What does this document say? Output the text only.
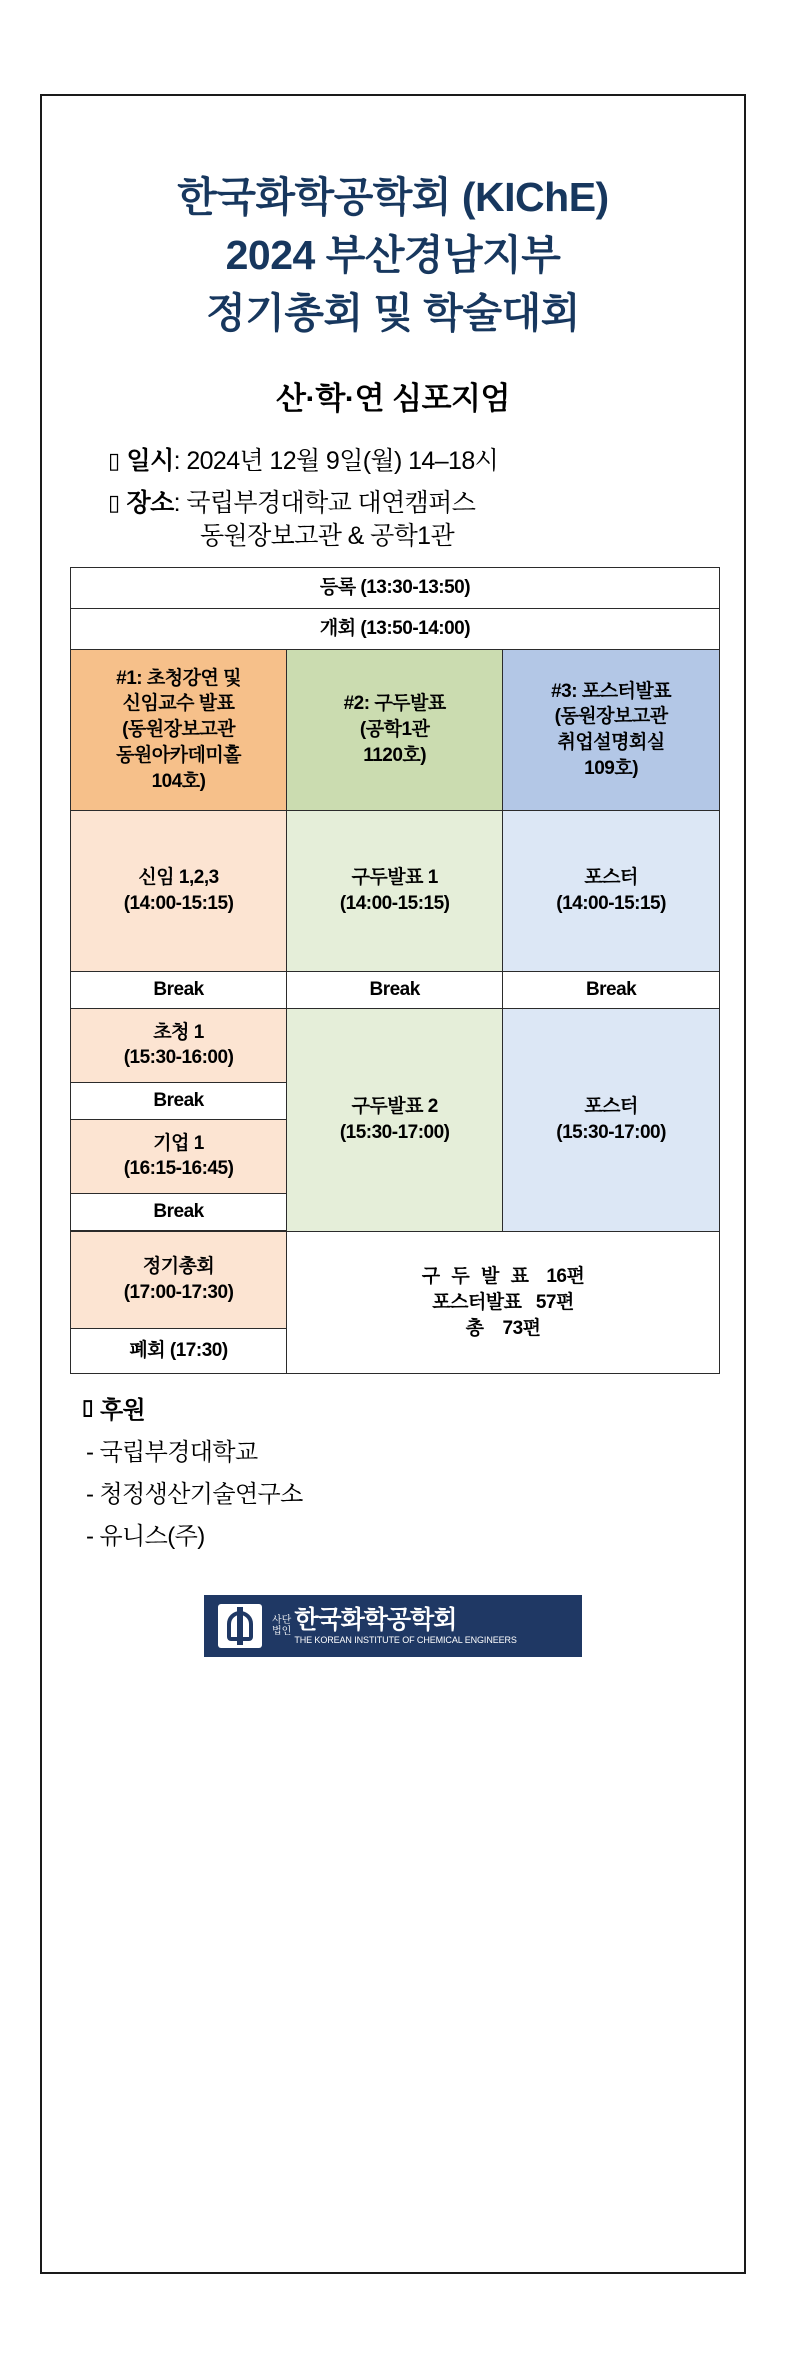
한국화학공학회 (KIChE)
2024 부산경남지부
정기총회 및 학술대회
산·학·연 심포지엄
▯ 일시 : 2024년 12월 9일(월) 14–18시
▯ 장소 : 국립부경대학교 대연캠퍼스
동원장보고관 & 공학1관
등록 (13:30-13:50)		
개회 (13:50-14:00)		
#1: 초청강연 및
신임교수 발표
(동원장보고관
동원아카데미홀
104호)	#2: 구두발표
(공학1관
1120호)	#3: 포스터발표
(동원장보고관
취업설명회실
109호)
신임 1,2,3
(14:00-15:15)	구두발표 1
(14:00-15:15)	포스터
(14:00-15:15)
Break	Break	Break
초청 1
(15:30-16:00)	구두발표 2
(15:30-17:00)	포스터
(15:30-17:00)
Break		
기업 1
(16:15-16:45)		
Break		

정기총회
(17:00-17:30)	구 두 발 표 16편
포스터발표 57편
총 73편	

폐회 (17:30)		
▯ 후원
- 국립부경대학교
- 청정생산기술연구소
- 유니스(주)
사단
법인 한국화학공학회
THE KOREAN INSTITUTE OF CHEMICAL ENGINEERS
